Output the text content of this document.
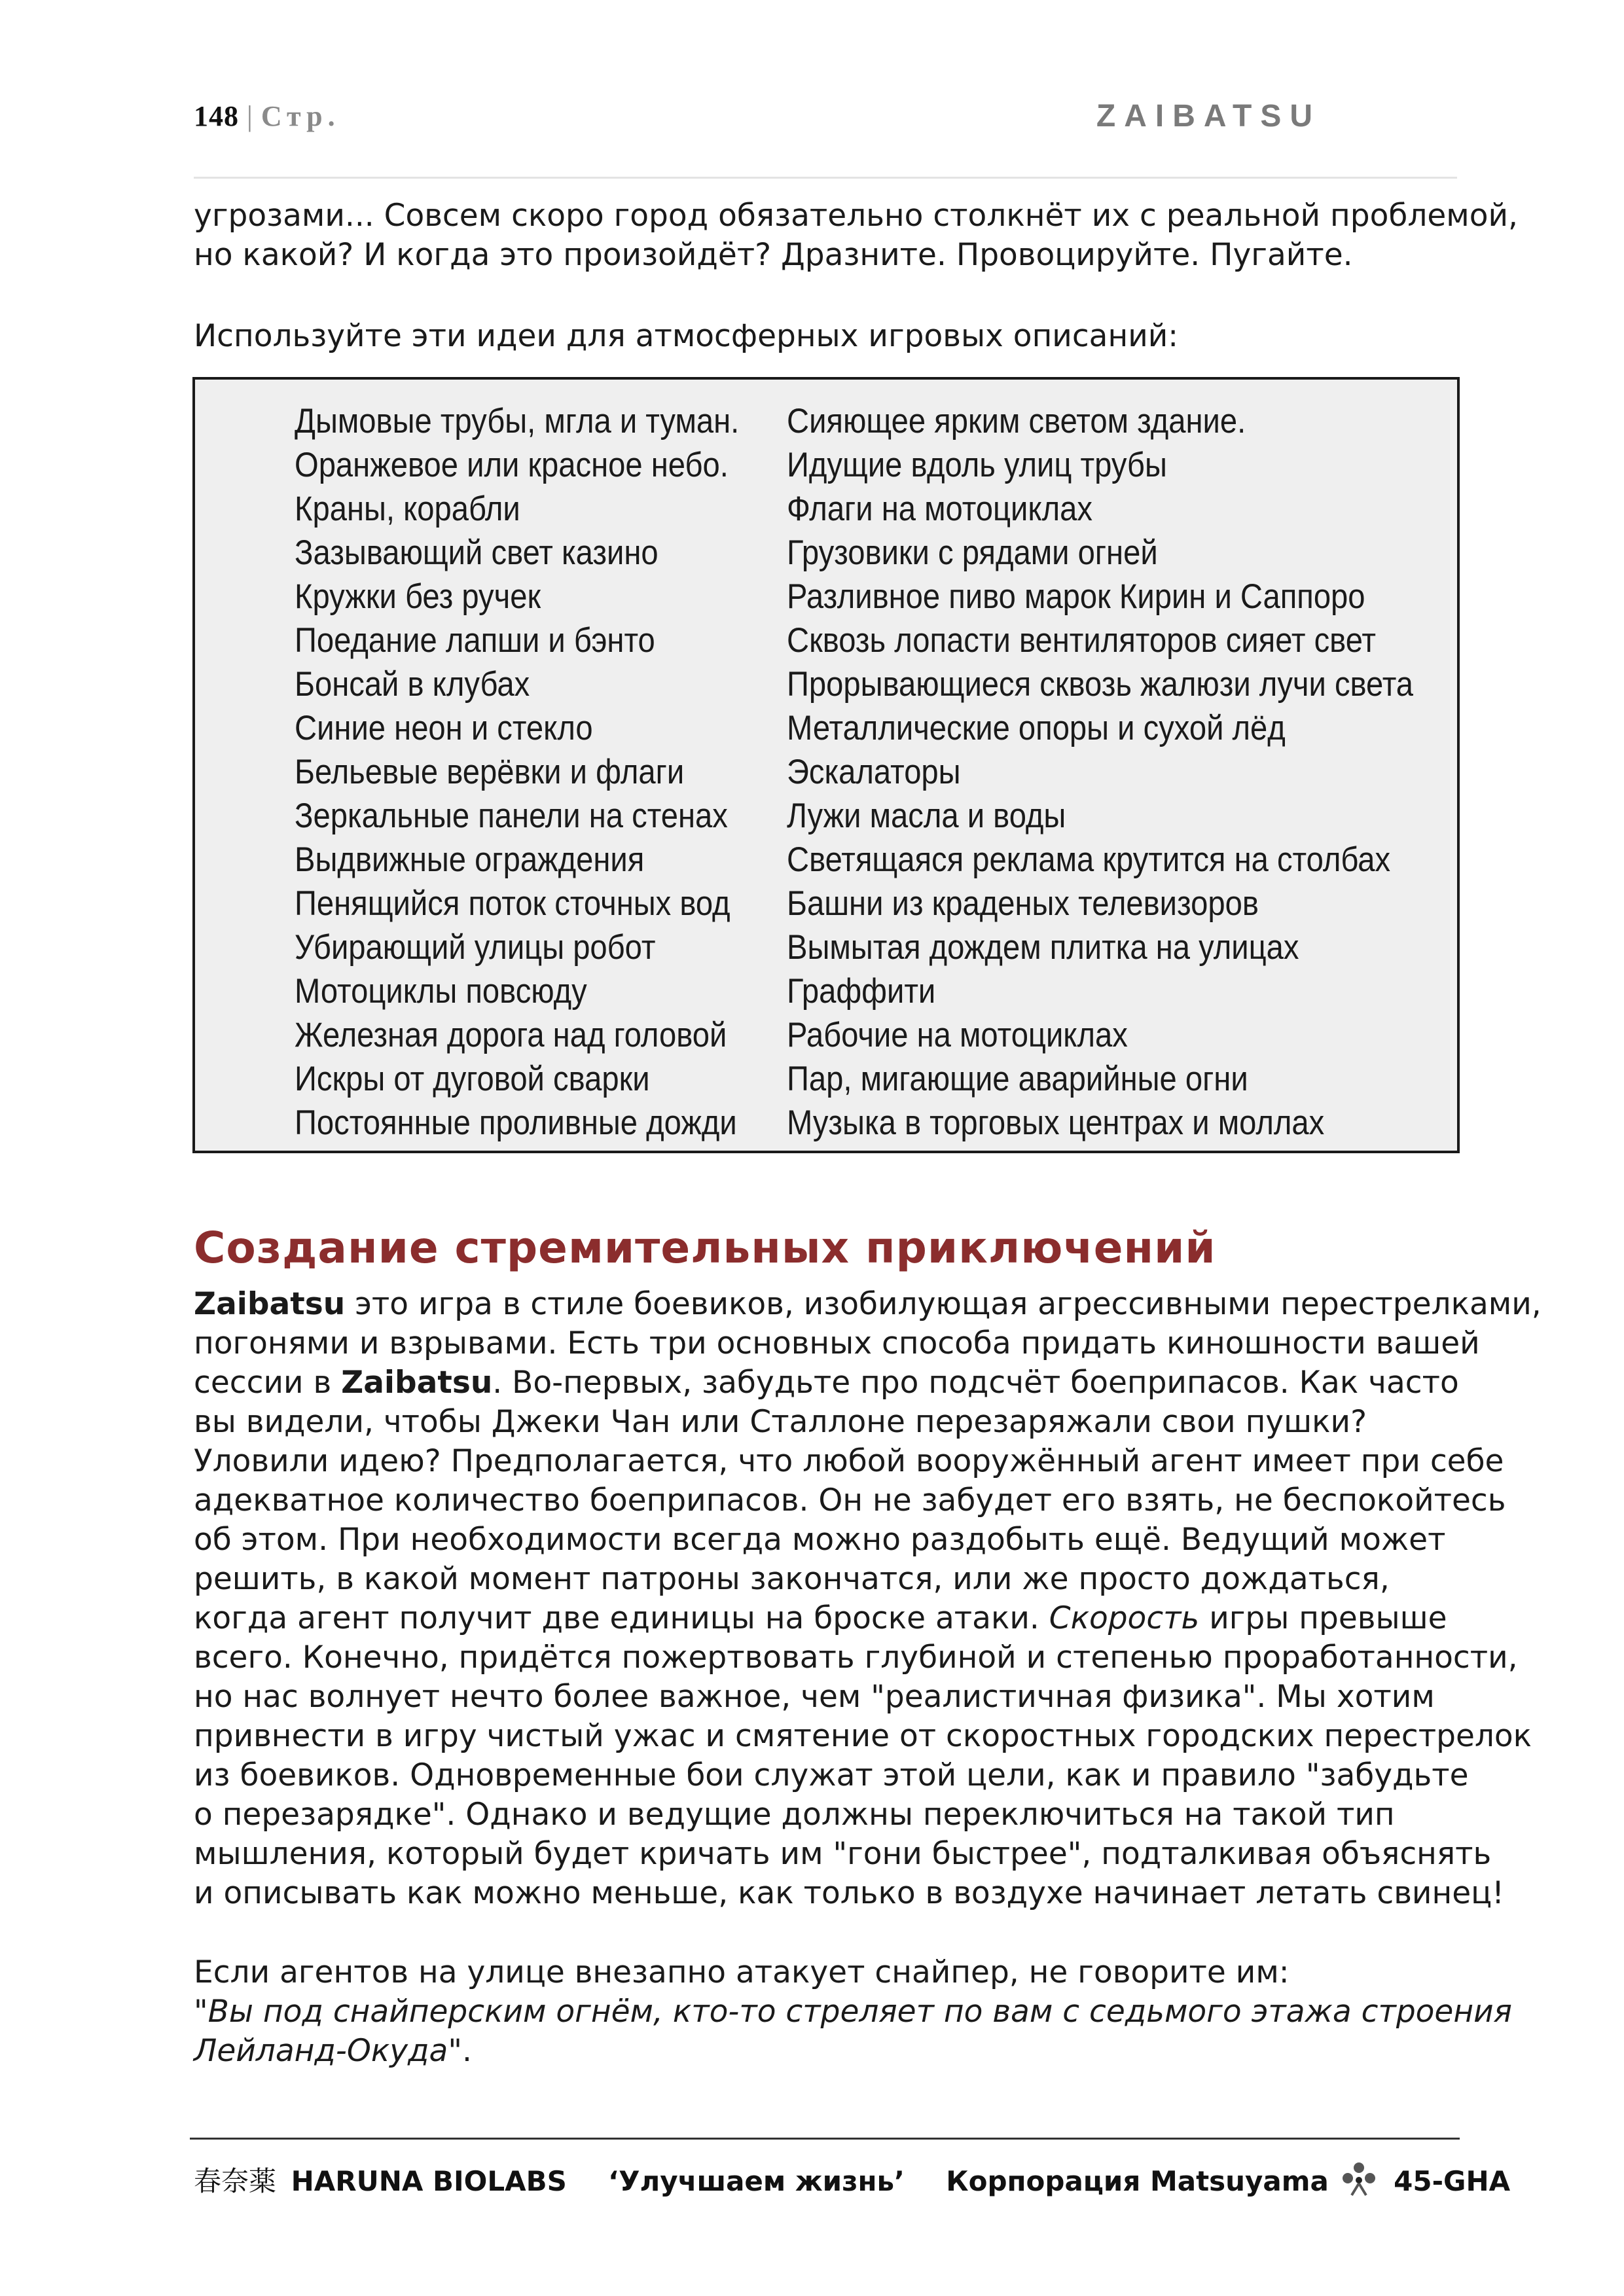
148 | Стр.	ZAIBATSU
угрозами... Совсем скоро город обязательно столкнёт их с реальной проблемой,
но какой? И когда это произойдёт? Дразните. Провоцируйте. Пугайте.
Используйте эти идеи для атмосферных игровых описаний:
Дымовые трубы, мгла и туман.
Оранжевое или красное небо.
Краны, корабли
Зазывающий свет казино
Кружки без ручек
Поедание лапши и бэнто
Бонсай в клубах
Синие неон и стекло
Бельевые верёвки и флаги
Зеркальные панели на стенах
Выдвижные ограждения
Пенящийся поток сточных вод
Убирающий улицы робот
Мотоциклы повсюду
Железная дорога над головой
Искры от дуговой сварки
Постоянные проливные дожди
Сияющее ярким светом здание.
Идущие вдоль улиц трубы
Флаги на мотоциклах
Грузовики с рядами огней
Разливное пиво марок Кирин и Саппоро
Сквозь лопасти вентиляторов сияет свет
Прорывающиеся сквозь жалюзи лучи света
Металлические опоры и сухой лёд
Эскалаторы
Лужи масла и воды
Светящаяся реклама крутится на столбах
Башни из краденых телевизоров
Вымытая дождем плитка на улицах
Граффити
Рабочие на мотоциклах
Пар, мигающие аварийные огни
Музыка в торговых центрах и моллах
Создание стремительных приключений
Zaibatsu это игра в стиле боевиков, изобилующая агрессивными перестрелками,
погонями и взрывами. Есть три основных способа придать киношности вашей
сессии в Zaibatsu. Во-первых, забудьте про подсчёт боеприпасов. Как часто
вы видели, чтобы Джеки Чан или Сталлоне перезаряжали свои пушки?
Уловили идею? Предполагается, что любой вооружённый агент имеет при себе
адекватное количество боеприпасов. Он не забудет его взять, не беспокойтесь
об этом. При необходимости всегда можно раздобыть ещё. Ведущий может
решить, в какой момент патроны закончатся, или же просто дождаться,
когда агент получит две единицы на броске атаки. Скорость игры превыше
всего. Конечно, придётся пожертвовать глубиной и степенью проработанности,
но нас волнует нечто более важное, чем "реалистичная физика". Мы хотим
привнести в игру чистый ужас и смятение от скоростных городских перестрелок
из боевиков. Одновременные бои служат этой цели, как и правило "забудьте
о перезарядке". Однако и ведущие должны переключиться на такой тип
мышления, который будет кричать им "гони быстрее", подталкивая объяснять
и описывать как можно меньше, как только в воздухе начинает летать свинец!
Если агентов на улице внезапно атакует снайпер, не говорите им:
"Вы под снайперским огнём, кто-то стреляет по вам с седьмого этажа строения
Лейланд-Окуда".
春奈薬 HARUNA BIOLABS ‘Улучшаем жизнь’ Корпорация Matsuyama 45-GHA
